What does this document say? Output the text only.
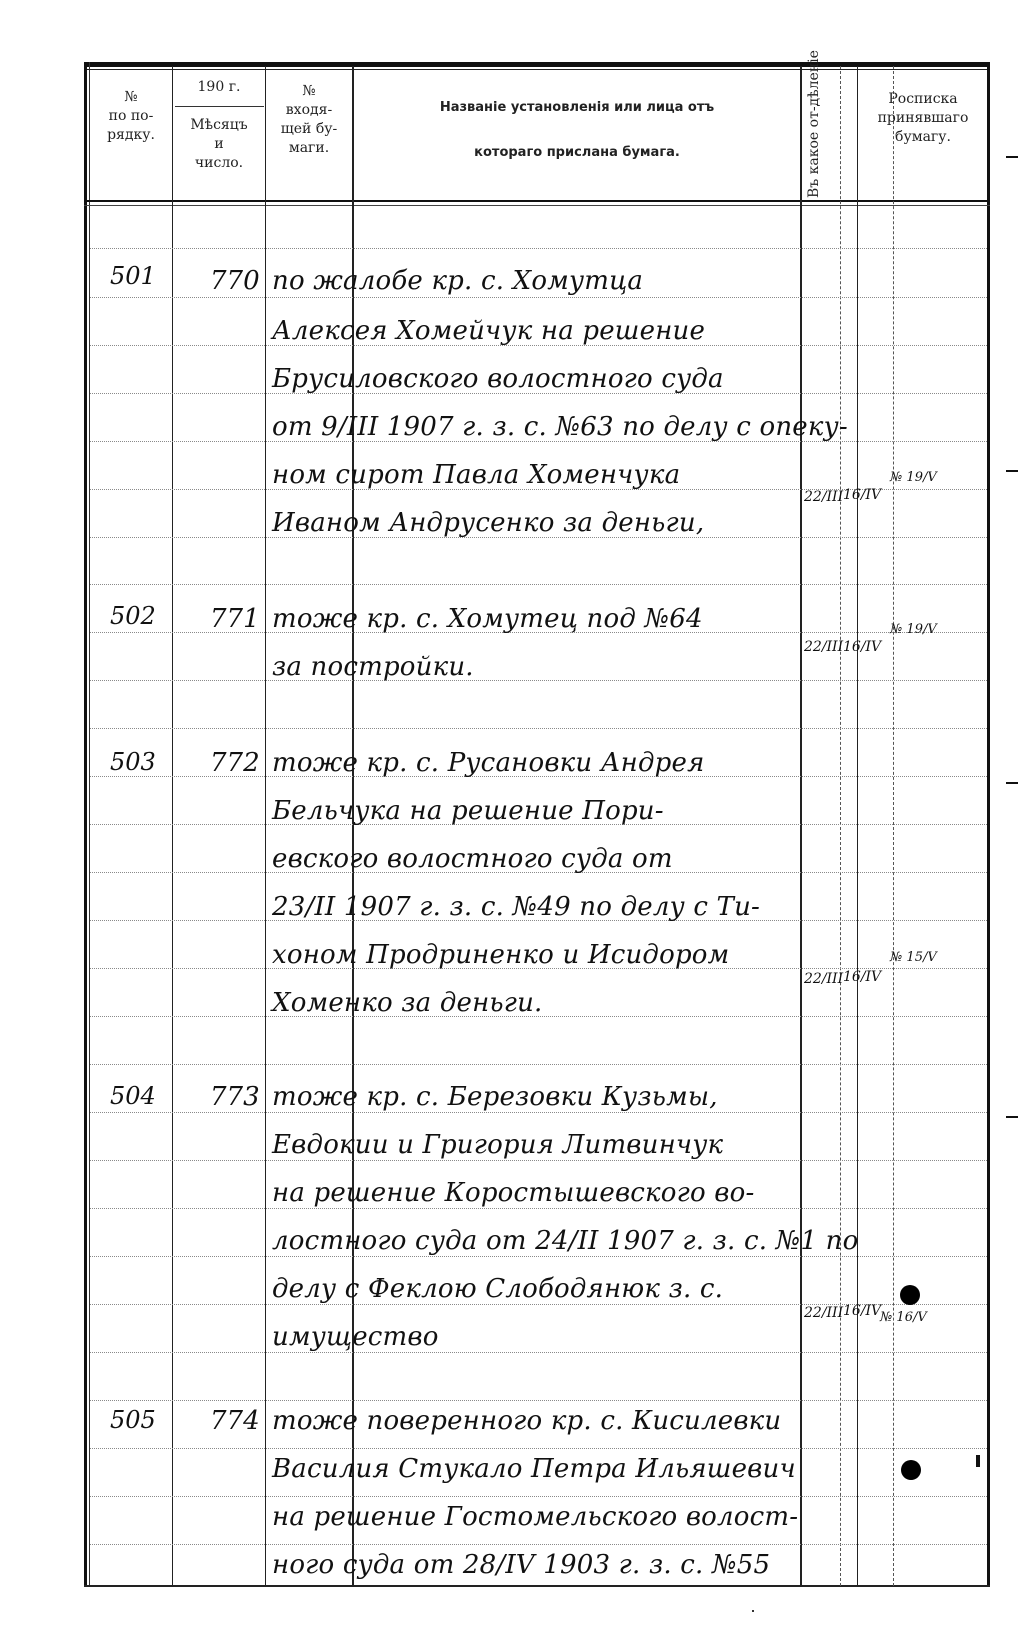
№
по по-
рядку.
190 г.
Мѣсяцъ
и
число.
№
входя-
щей бу-
маги.
Названіе установленія или лица отъ
котораго прислана бумага.	Въ какое от-дѣленіе	Росписка
принявшаго
бумагу.
501 770 по жалобе кр. с. Хомутца
Алексея Хомейчук на решение
Брусиловского волостного суда
от 9/III 1907 г. з. с. №63 по делу с опеку-
ном сирот Павла Хоменчука
Иваном Андрусенко за деньги,
22/III 16/IV
№ 19/V
502 771 тоже кр. с. Хомутец под №64
за постройки.
22/III 16/IV
№ 19/V
503 772 тоже кр. с. Русановки Андрея
Бельчука на решение Пори-
евского волостного суда от
23/II 1907 г. з. с. №49 по делу с Ти-
хоном Продриненко и Исидором
Хоменко за деньги.
22/III 16/IV
№ 15/V
504 773 тоже кр. с. Березовки Кузьмы,
Евдокии и Григория Литвинчук
на решение Коростышевского во-
лостного суда от 24/II 1907 г. з. с. №1 по
делу с Феклою Слободянюк з. с.
имущество
22/III 16/IV
№ 16/V
505 774 тоже поверенного кр. с. Кисилевки
Василия Стукало Петра Ильяшевич
на решение Гостомельского волост-
ного суда от 28/IV 1903 г. з. с. №55
